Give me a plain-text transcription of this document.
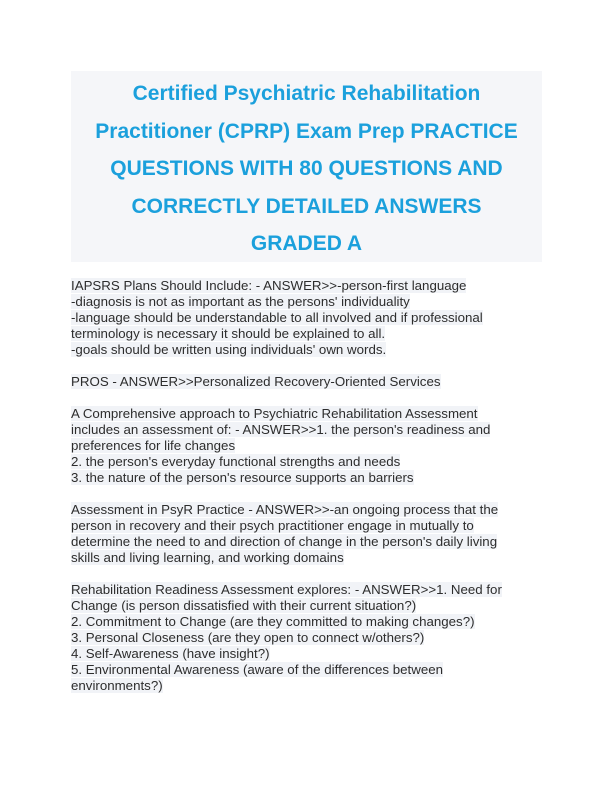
Certified Psychiatric Rehabilitation
Practitioner (CPRP) Exam Prep PRACTICE
QUESTIONS WITH 80 QUESTIONS AND
CORRECTLY DETAILED ANSWERS
GRADED A
IAPSRS Plans Should Include: - ANSWER>>-person-first language
-diagnosis is not as important as the persons' individuality
-language should be understandable to all involved and if professional
terminology is necessary it should be explained to all.
-goals should be written using individuals' own words.
PROS - ANSWER>>Personalized Recovery-Oriented Services
A Comprehensive approach to Psychiatric Rehabilitation Assessment
includes an assessment of: - ANSWER>>1. the person's readiness and
preferences for life changes
2. the person's everyday functional strengths and needs
3. the nature of the person's resource supports an barriers
Assessment in PsyR Practice - ANSWER>>-an ongoing process that the
person in recovery and their psych practitioner engage in mutually to
determine the need to and direction of change in the person's daily living
skills and living learning, and working domains
Rehabilitation Readiness Assessment explores: - ANSWER>>1. Need for
Change (is person dissatisfied with their current situation?)
2. Commitment to Change (are they committed to making changes?)
3. Personal Closeness (are they open to connect w/others?)
4. Self-Awareness (have insight?)
5. Environmental Awareness (aware of the differences between
environments?)
